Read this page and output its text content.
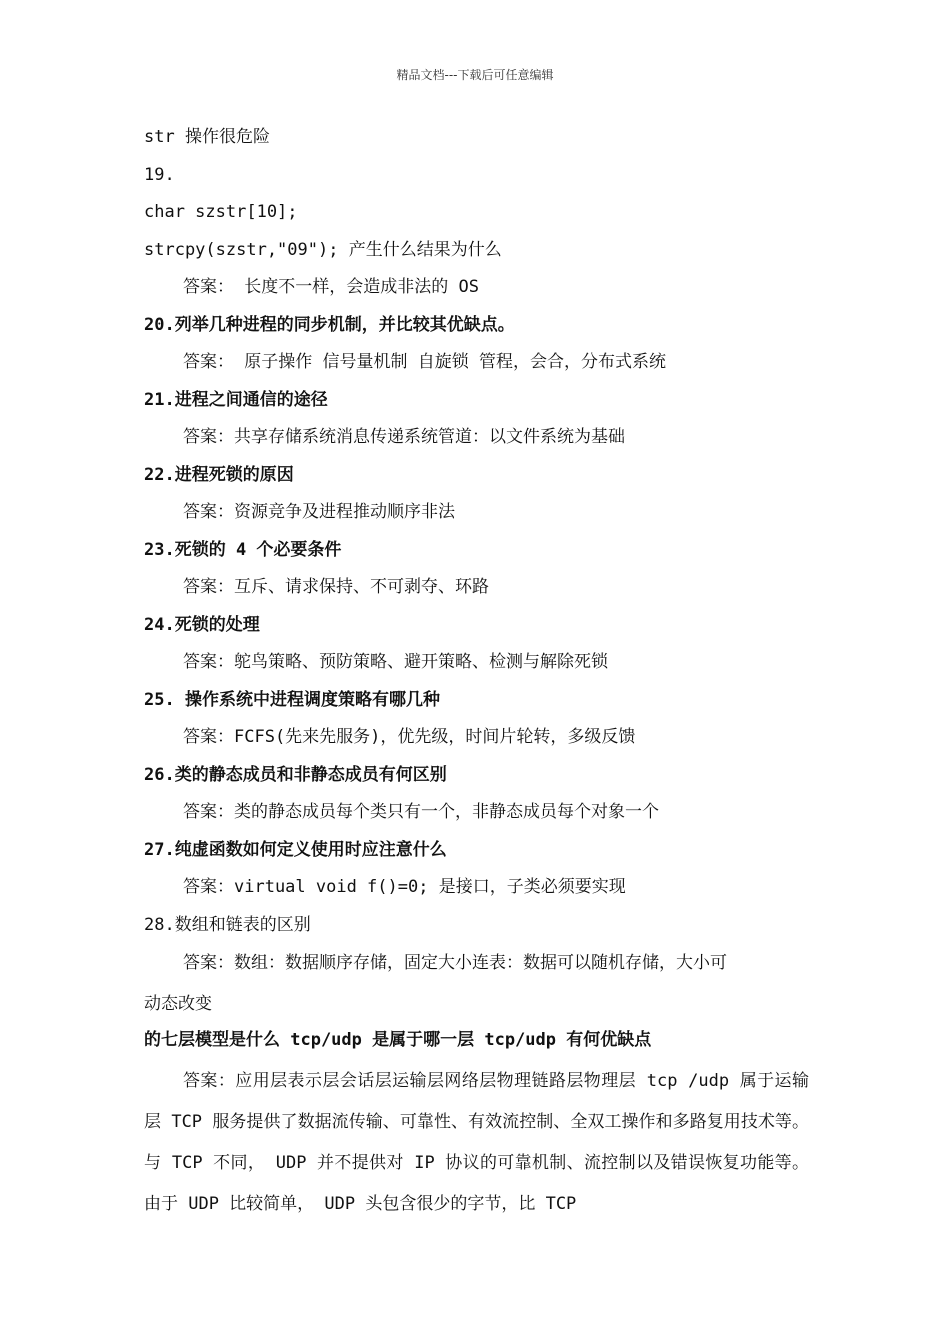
精品文档---下载后可任意编辑
str 操作很危险
19.
char szstr[10];
strcpy(szstr,"09"); 产生什么结果为什么
答案： 长度不一样，会造成非法的 OS
20.列举几种进程的同步机制，并比较其优缺点。
答案： 原子操作 信号量机制 自旋锁 管程，会合，分布式系统
21.进程之间通信的途径
答案：共享存储系统消息传递系统管道：以文件系统为基础
22.进程死锁的原因
答案：资源竞争及进程推动顺序非法
23.死锁的 4 个必要条件
答案：互斥、请求保持、不可剥夺、环路
24.死锁的处理
答案：鸵鸟策略、预防策略、避开策略、检测与解除死锁
25. 操作系统中进程调度策略有哪几种
答案：FCFS(先来先服务)，优先级，时间片轮转，多级反馈
26.类的静态成员和非静态成员有何区别
答案：类的静态成员每个类只有一个，非静态成员每个对象一个
27.纯虚函数如何定义使用时应注意什么
答案：virtual void f()=0; 是接口，子类必须要实现
28.数组和链表的区别
答案：数组：数据顺序存储，固定大小连表：数据可以随机存储，大小可
动态改变
的七层模型是什么 tcp/udp 是属于哪一层 tcp/udp 有何优缺点
答案：应用层表示层会话层运输层网络层物理链路层物理层 tcp /udp 属于运输层 TCP 服务提供了数据流传输、可靠性、有效流控制、全双工操作和多路复用技术等。与 TCP 不同， UDP 并不提供对 IP 协议的可靠机制、流控制以及错误恢复功能等。由于 UDP 比较简单， UDP 头包含很少的字节，比 TCP
